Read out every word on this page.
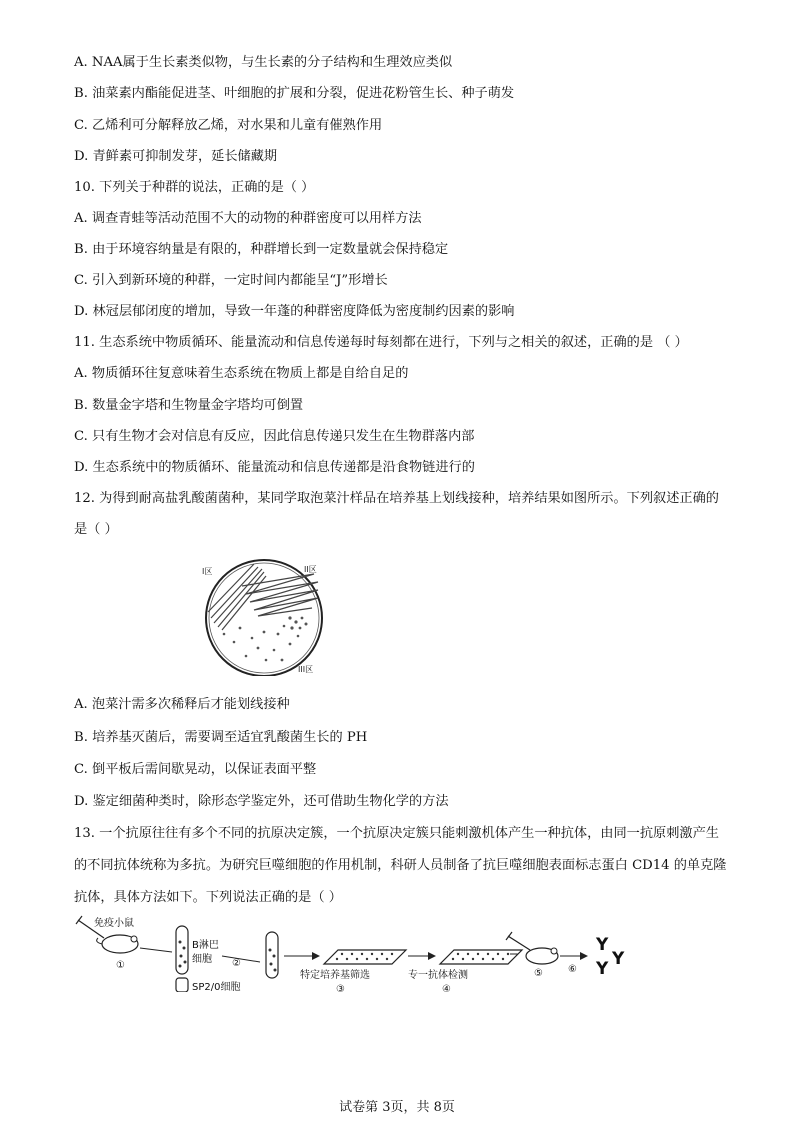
A. NAA属于生长素类似物，与生长素的分子结构和生理效应类似
B. 油菜素内酯能促进茎、叶细胞的扩展和分裂，促进花粉管生长、种子萌发
C. 乙烯利可分解释放乙烯，对水果和儿童有催熟作用
D. 青鲜素可抑制发芽，延长储藏期
10. 下列关于种群的说法，正确的是（ ）
A. 调查青蛙等活动范围不大的动物的种群密度可以用样方法
B. 由于环境容纳量是有限的，种群增长到一定数量就会保持稳定
C. 引入到新环境的种群，一定时间内都能呈“J”形增长
D. 林冠层郁闭度的增加，导致一年蓬的种群密度降低为密度制约因素的影响
11. 生态系统中物质循环、能量流动和信息传递每时每刻都在进行，下列与之相关的叙述，正确的是 （ ）
A. 物质循环往复意味着生态系统在物质上都是自给自足的
B. 数量金字塔和生物量金字塔均可倒置
C. 只有生物才会对信息有反应，因此信息传递只发生在生物群落内部
D. 生态系统中的物质循环、能量流动和信息传递都是沿食物链进行的
12. 为得到耐高盐乳酸菌菌种，某同学取泡菜汁样品在培养基上划线接种，培养结果如图所示。下列叙述正确的
是（ ）
I区	II区
III区
A. 泡菜汁需多次稀释后才能划线接种
B. 培养基灭菌后，需要调至适宜乳酸菌生长的 PH
C. 倒平板后需间歇晃动，以保证表面平整
D. 鉴定细菌种类时，除形态学鉴定外，还可借助生物化学的方法
13. 一个抗原往往有多个不同的抗原决定簇，一个抗原决定簇只能刺激机体产生一种抗体，由同一抗原刺激产生
的不同抗体统称为多抗。为研究巨噬细胞的作用机制，科研人员制备了抗巨噬细胞表面标志蛋白 CD14 的单克隆
抗体，具体方法如下。下列说法正确的是（ ）
免疫小鼠
①
B淋巴
细胞
SP2/0细胞
②
特定培养基筛选
③
专一抗体检测
④
⑤	⑥
Y
Y Y
试卷第 3页，共 8页
